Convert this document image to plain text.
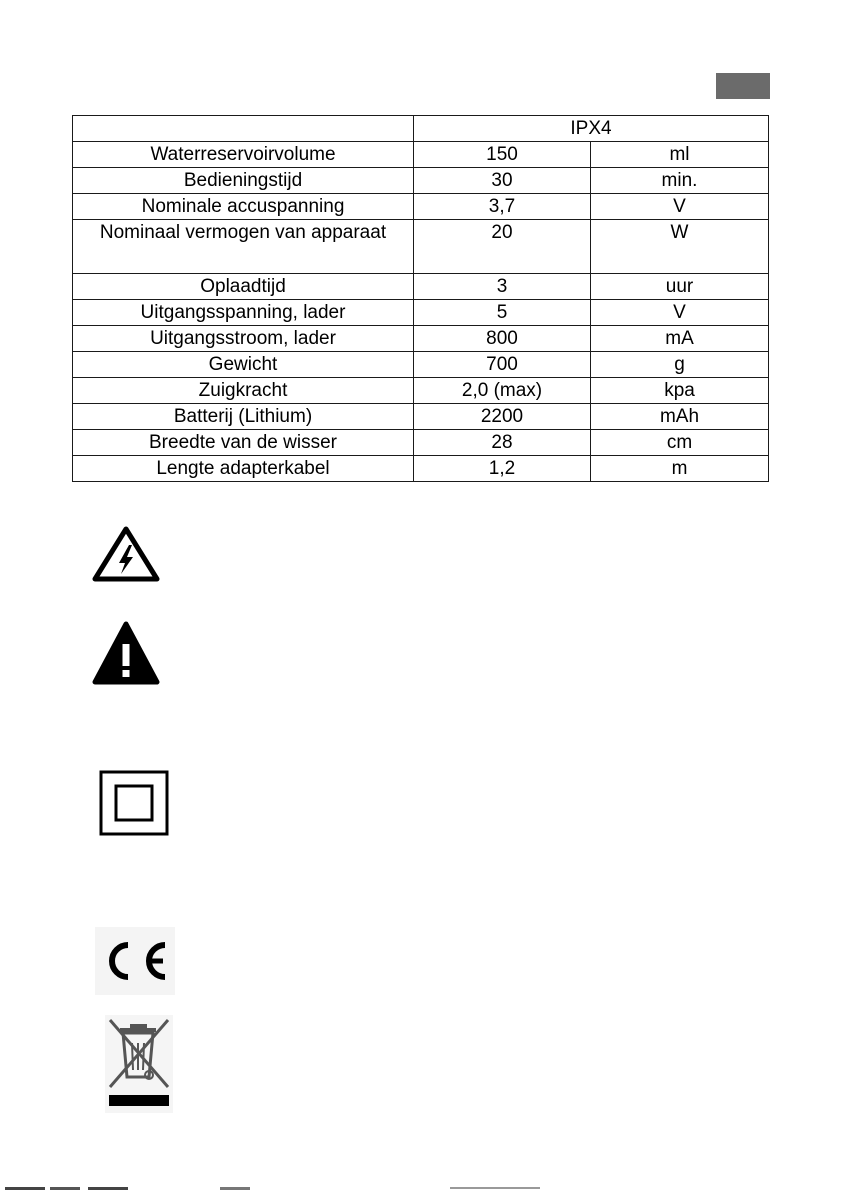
	IPX4	
Waterreservoirvolume	150	ml
Bedieningstijd	30	min.
Nominale accuspanning	3,7	V
Nominaal vermogen van apparaat	20	W
Oplaadtijd	3	uur
Uitgangsspanning, lader	5	V
Uitgangsstroom, lader	800	mA
Gewicht	700	g
Zuigkracht	2,0 (max)	kpa
Batterij (Lithium)	2200	mAh
Breedte van de wisser	28	cm
Lengte adapterkabel	1,2	m
